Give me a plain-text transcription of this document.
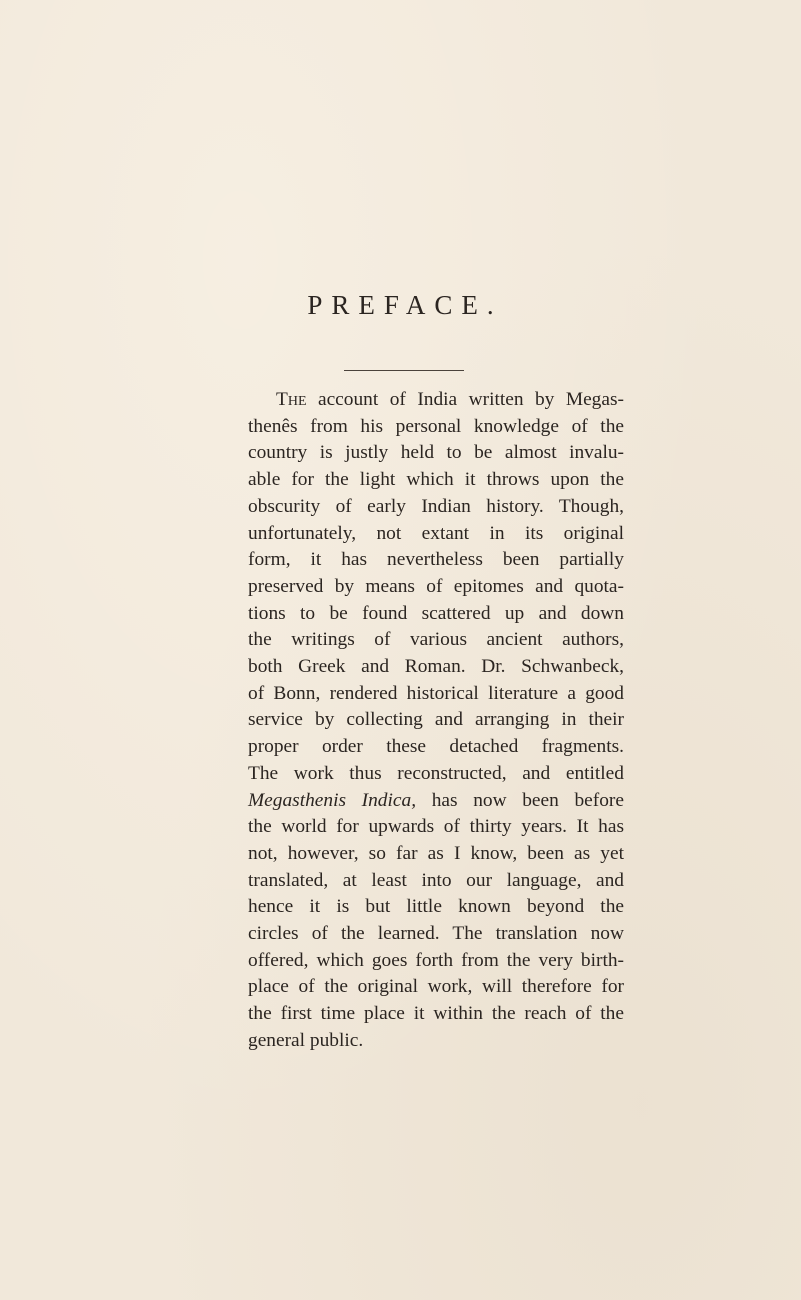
PREFACE.
The account of India written by Megas-
thenês from his personal knowledge of the
country is justly held to be almost invalu-
able for the light which it throws upon the
obscurity of early Indian history. Though,
unfortunately, not extant in its original
form, it has nevertheless been partially
preserved by means of epitomes and quota-
tions to be found scattered up and down
the writings of various ancient authors,
both Greek and Roman. Dr. Schwanbeck,
of Bonn, rendered historical literature a good
service by collecting and arranging in their
proper order these detached fragments.
The work thus reconstructed, and entitled
Megasthenis Indica, has now been before
the world for upwards of thirty years. It has
not, however, so far as I know, been as yet
translated, at least into our language, and
hence it is but little known beyond the
circles of the learned. The translation now
offered, which goes forth from the very birth-
place of the original work, will therefore for
the first time place it within the reach of the
general public.
